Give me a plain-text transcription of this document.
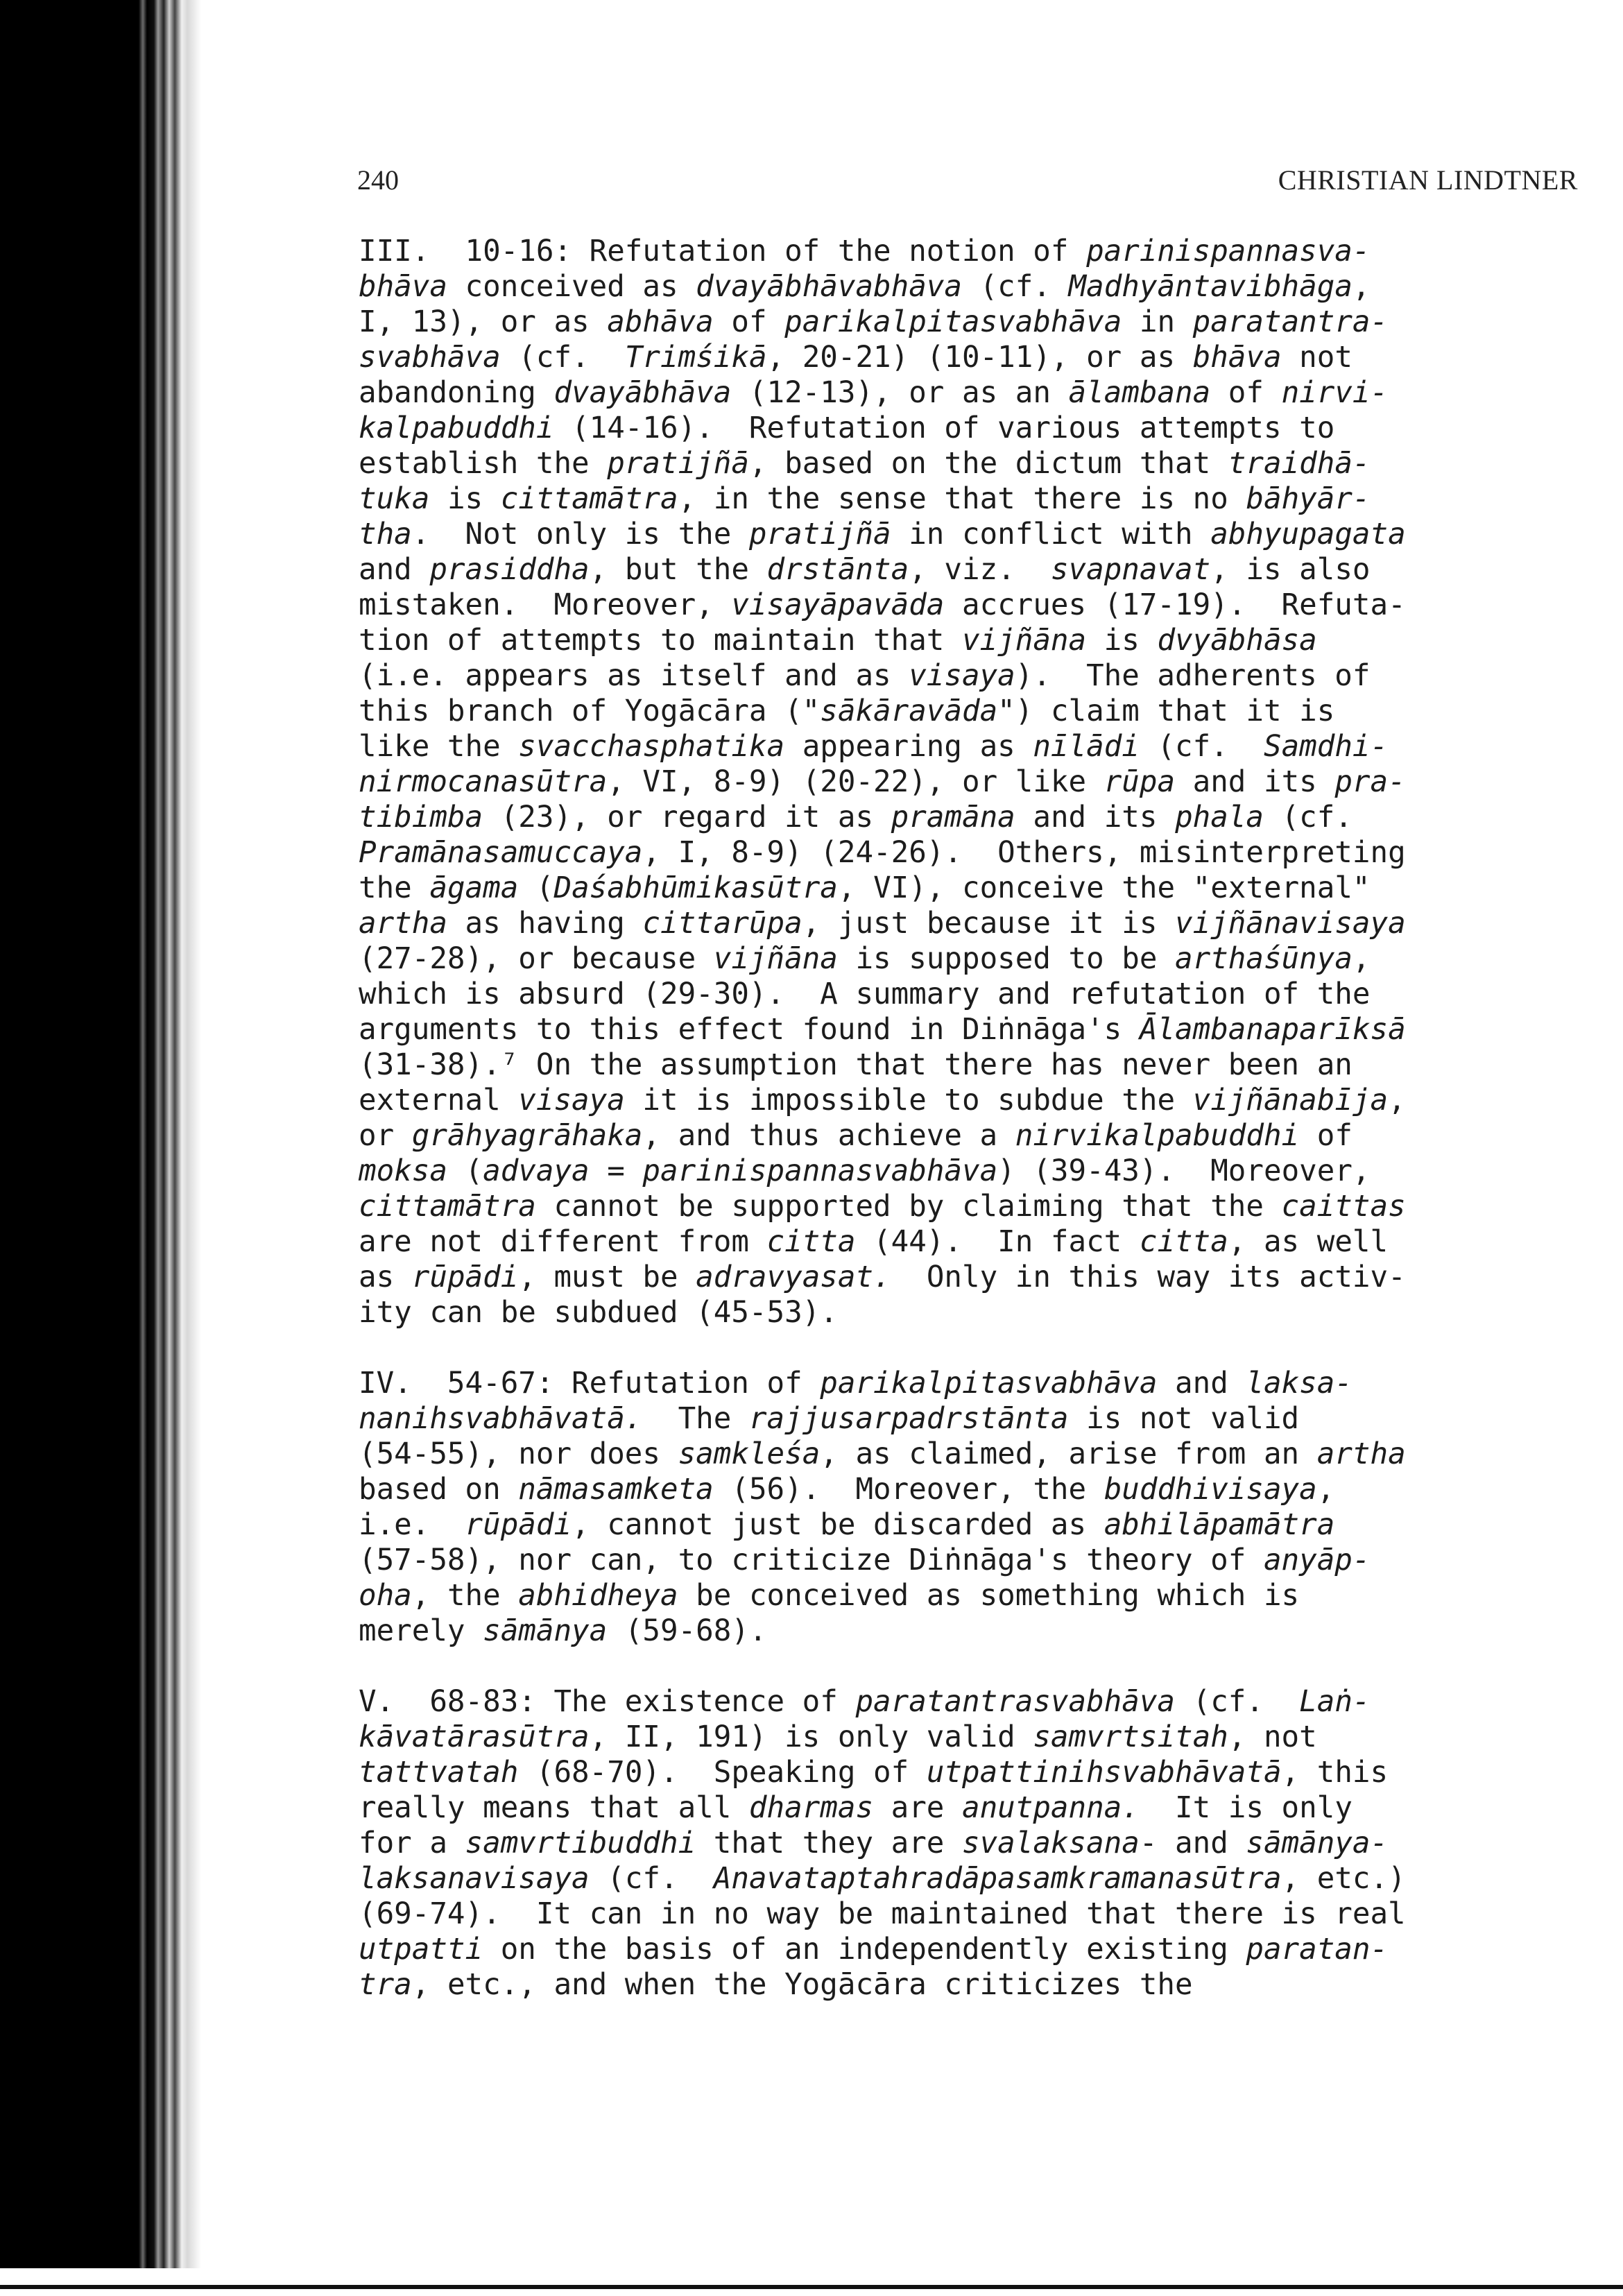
240	CHRISTIAN LINDTNER
III.  10-16: Refutation of the notion of parinispannasva-
bhāva conceived as dvayābhāvabhāva (cf. Madhyāntavibhāga,
I, 13), or as abhāva of parikalpitasvabhāva in paratantra-
svabhāva (cf.  Trimśikā, 20-21) (10-11), or as bhāva not
abandoning dvayābhāva (12-13), or as an ālambana of nirvi-
kalpabuddhi (14-16).  Refutation of various attempts to
establish the pratijñā, based on the dictum that traidhā-
tuka is cittamātra, in the sense that there is no bāhyār-
tha.  Not only is the pratijñā in conflict with abhyupagata
and prasiddha, but the drstānta, viz.  svapnavat, is also
mistaken.  Moreover, visayāpavāda accrues (17-19).  Refuta-
tion of attempts to maintain that vijñāna is dvyābhāsa
(i.e. appears as itself and as visaya).  The adherents of
this branch of Yogācāra ("sākāravāda") claim that it is
like the svacchasphatika appearing as nīlādi (cf.  Samdhi-
nirmocanasūtra, VI, 8-9) (20-22), or like rūpa and its pra-
tibimba (23), or regard it as pramāna and its phala (cf.
Pramānasamuccaya, I, 8-9) (24-26).  Others, misinterpreting
the āgama (Daśabhūmikasūtra, VI), conceive the "external"
artha as having cittarūpa, just because it is vijñānavisaya
(27-28), or because vijñāna is supposed to be arthaśūnya,
which is absurd (29-30).  A summary and refutation of the
arguments to this effect found in Diṅnāga's Ālambanaparīksā
(31-38).⁷ On the assumption that there has never been an
external visaya it is impossible to subdue the vijñānabīja,
or grāhyagrāhaka, and thus achieve a nirvikalpabuddhi of
moksa (advaya = parinispannasvabhāva) (39-43).  Moreover,
cittamātra cannot be supported by claiming that the caittas
are not different from citta (44).  In fact citta, as well
as rūpādi, must be adravyasat.  Only in this way its activ-
ity can be subdued (45-53).
IV.  54-67: Refutation of parikalpitasvabhāva and laksa-
nanihsvabhāvatā.  The rajjusarpadrstānta is not valid
(54-55), nor does samkleśa, as claimed, arise from an artha
based on nāmasamketa (56).  Moreover, the buddhivisaya,
i.e.  rūpādi, cannot just be discarded as abhilāpamātra
(57-58), nor can, to criticize Diṅnāga's theory of anyāp-
oha, the abhidheya be conceived as something which is
merely sāmānya (59-68).
V.  68-83: The existence of paratantrasvabhāva (cf.  Laṅ-
kāvatārasūtra, II, 191) is only valid samvrtsitah, not
tattvatah (68-70).  Speaking of utpattinihsvabhāvatā, this
really means that all dharmas are anutpanna.  It is only
for a samvrtibuddhi that they are svalaksana- and sāmānya-
laksanavisaya (cf.  Anavataptahradāpasamkramanasūtra, etc.)
(69-74).  It can in no way be maintained that there is real
utpatti on the basis of an independently existing paratan-
tra, etc., and when the Yogācāra criticizes the
